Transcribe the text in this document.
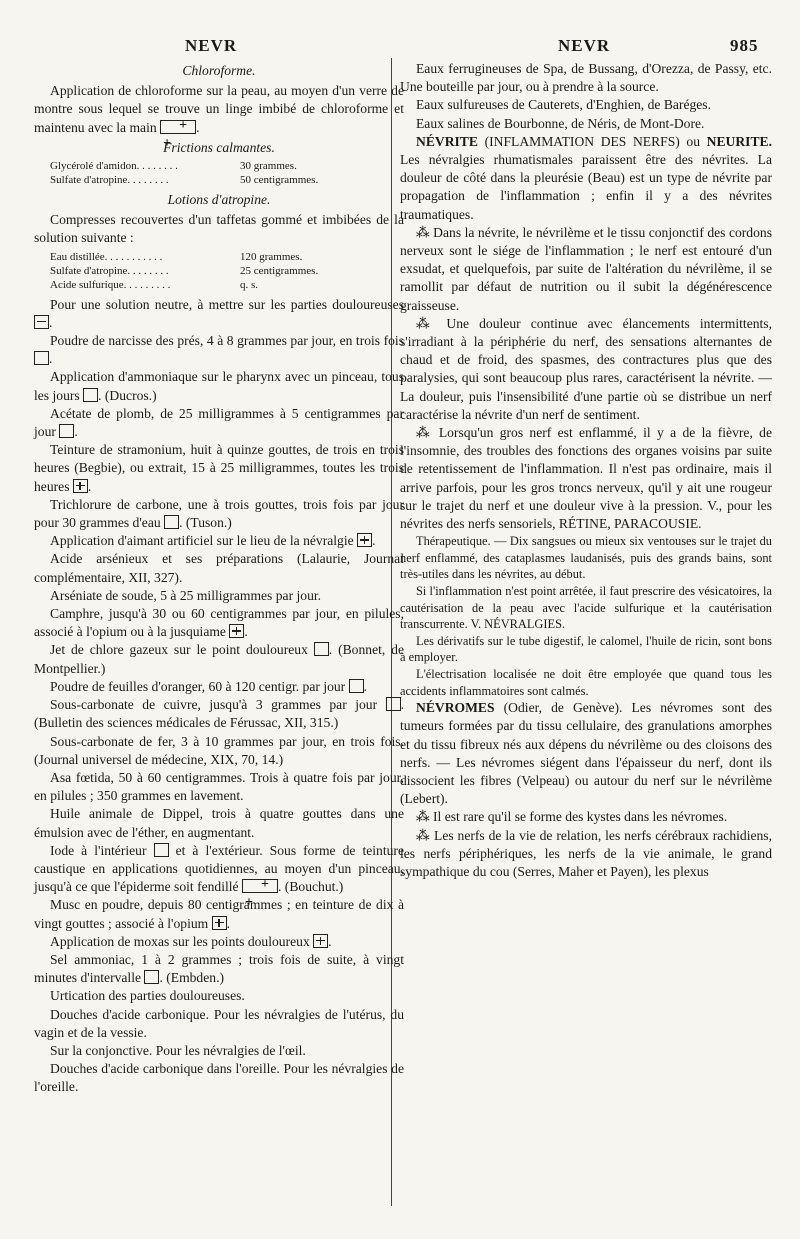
NEVR	NEVR	985

Chloroforme.

Application de chloroforme sur la peau, au moyen d'un verre de montre sous lequel se trouve un linge imbibé de chloroforme et maintenu avec la main + +	.

Frictions calmantes.

Glycérolé d'amidon. . . . . . . .	30 grammes.
Sulfate d'atropine. . . . . . . .	50 centigrammes.

Lotions d'atropine.

Compresses recouvertes d'un taffetas gommé et imbibées de la solution suivante :

Eau distillée. . . . . . . . . . .	120 grammes.
Sulfate d'atropine. . . . . . . .	25 centigrammes.
Acide sulfurique. . . . . . . . .	q. s.

Pour une solution neutre, à mettre sur les parties douloureuses .

Poudre de narcisse des prés, 4 à 8 grammes par jour, en trois fois .

Application d'ammoniaque sur le pharynx avec un pinceau, tous les jours . (Ducros.)

Acétate de plomb, de 25 milligrammes à 5 centigrammes par jour .

Teinture de stramonium, huit à quinze gouttes, de trois en trois heures (Begbie), ou extrait, 15 à 25 milligrammes, toutes les trois heures .

Trichlorure de carbone, une à trois gouttes, trois fois par jour pour 30 grammes d'eau . (Tuson.)

Application d'aimant artificiel sur le lieu de la névralgie .

Acide arsénieux et ses préparations (Lalaurie, Journal complémentaire, XII, 327).

Arséniate de soude, 5 à 25 milligrammes par jour.

Camphre, jusqu'à 30 ou 60 centigrammes par jour, en pilules, associé à l'opium ou à la jusquiame .

Jet de chlore gazeux sur le point douloureux . (Bonnet, de Montpellier.)

Poudre de feuilles d'oranger, 60 à 120 centigr. par jour .

Sous-carbonate de cuivre, jusqu'à 3 grammes par jour . (Bulletin des sciences médicales de Férussac, XII, 315.)

Sous-carbonate de fer, 3 à 10 grammes par jour, en trois fois. (Journal universel de médecine, XIX, 70, 14.)

Asa fœtida, 50 à 60 centigrammes. Trois à quatre fois par jour, en pilules ; 350 grammes en lavement.

Huile animale de Dippel, trois à quatre gouttes dans une émulsion avec de l'éther, en augmentant.

Iode à l'intérieur et à l'extérieur. Sous forme de teinture caustique en applications quotidiennes, au moyen d'un pinceau, jusqu'à ce que l'épiderme soit fendillé + +	. (Bouchut.)

Musc en poudre, depuis 80 centigrammes ; en teinture de dix à vingt gouttes ; associé à l'opium .

Application de moxas sur les points douloureux .

Sel ammoniac, 1 à 2 grammes ; trois fois de suite, à vingt minutes d'intervalle . (Embden.)

Urtication des parties douloureuses.

Douches d'acide carbonique. Pour les névralgies de l'utérus, du vagin et de la vessie.

Sur la conjonctive. Pour les névralgies de l'œil.

Douches d'acide carbonique dans l'oreille. Pour les névralgies de l'oreille.

Eaux ferrugineuses de Spa, de Bussang, d'Orezza, de Passy, etc. Une bouteille par jour, ou à prendre à la source.

Eaux sulfureuses de Cauterets, d'Enghien, de Baréges.

Eaux salines de Bourbonne, de Néris, de Mont-Dore.

NÉVRITE (INFLAMMATION DES NERFS) ou NEURITE. Les névralgies rhumatismales paraissent être des névrites. La douleur de côté dans la pleurésie (Beau) est un type de névrite par propagation de l'inflammation ; enfin il y a des névrites traumatiques.

⁂ Dans la névrite, le névrilème et le tissu conjonctif des cordons nerveux sont le siége de l'inflammation ; le nerf est entouré d'un exsudat, et quelquefois, par suite de l'altération du névrilème, il se ramollit par défaut de nutrition ou il subit la dégénérescence graisseuse.

⁂ Une douleur continue avec élancements intermittents, s'irradiant à la périphérie du nerf, des sensations alternantes de chaud et de froid, des spasmes, des contractures plus que des paralysies, qui sont beaucoup plus rares, caractérisent la névrite. — La douleur, puis l'insensibilité d'une partie où se distribue un nerf caractérise la névrite d'un nerf de sentiment.

⁂ Lorsqu'un gros nerf est enflammé, il y a de la fièvre, de l'insomnie, des troubles des fonctions des organes voisins par suite de retentissement de l'inflammation. Il n'est pas ordinaire, mais il arrive parfois, pour les gros troncs nerveux, qu'il y ait une rougeur sur le trajet du nerf et une douleur vive à la pression. V., pour les névrites des nerfs sensoriels, RÉTINE, PARACOUSIE.

Thérapeutique. — Dix sangsues ou mieux six ventouses sur le trajet du nerf enflammé, des cataplasmes laudanisés, puis des grands bains, sont très-utiles dans les névrites, au début.

Si l'inflammation n'est point arrêtée, il faut prescrire des vésicatoires, la cautérisation de la peau avec l'acide sulfurique et la cautérisation transcurrente. V. NÉVRALGIES.

Les dérivatifs sur le tube digestif, le calomel, l'huile de ricin, sont bons à employer.

L'électrisation localisée ne doit être employée que quand tous les accidents inflammatoires sont calmés.

NÉVROMES (Odier, de Genève). Les névromes sont des tumeurs formées par du tissu cellulaire, des granulations amorphes et du tissu fibreux nés aux dépens du névrilème ou des cloisons des nerfs. — Les névromes siégent dans l'épaisseur du nerf, dont ils dissocient les fibres (Velpeau) ou autour du nerf sur le névrilème (Lebert).

⁂ Il est rare qu'il se forme des kystes dans les névromes.

⁂ Les nerfs de la vie de relation, les nerfs cérébraux rachidiens, les nerfs périphériques, les nerfs de la vie animale, le grand sympathique du cou (Serres, Maher et Payen), les plexus
